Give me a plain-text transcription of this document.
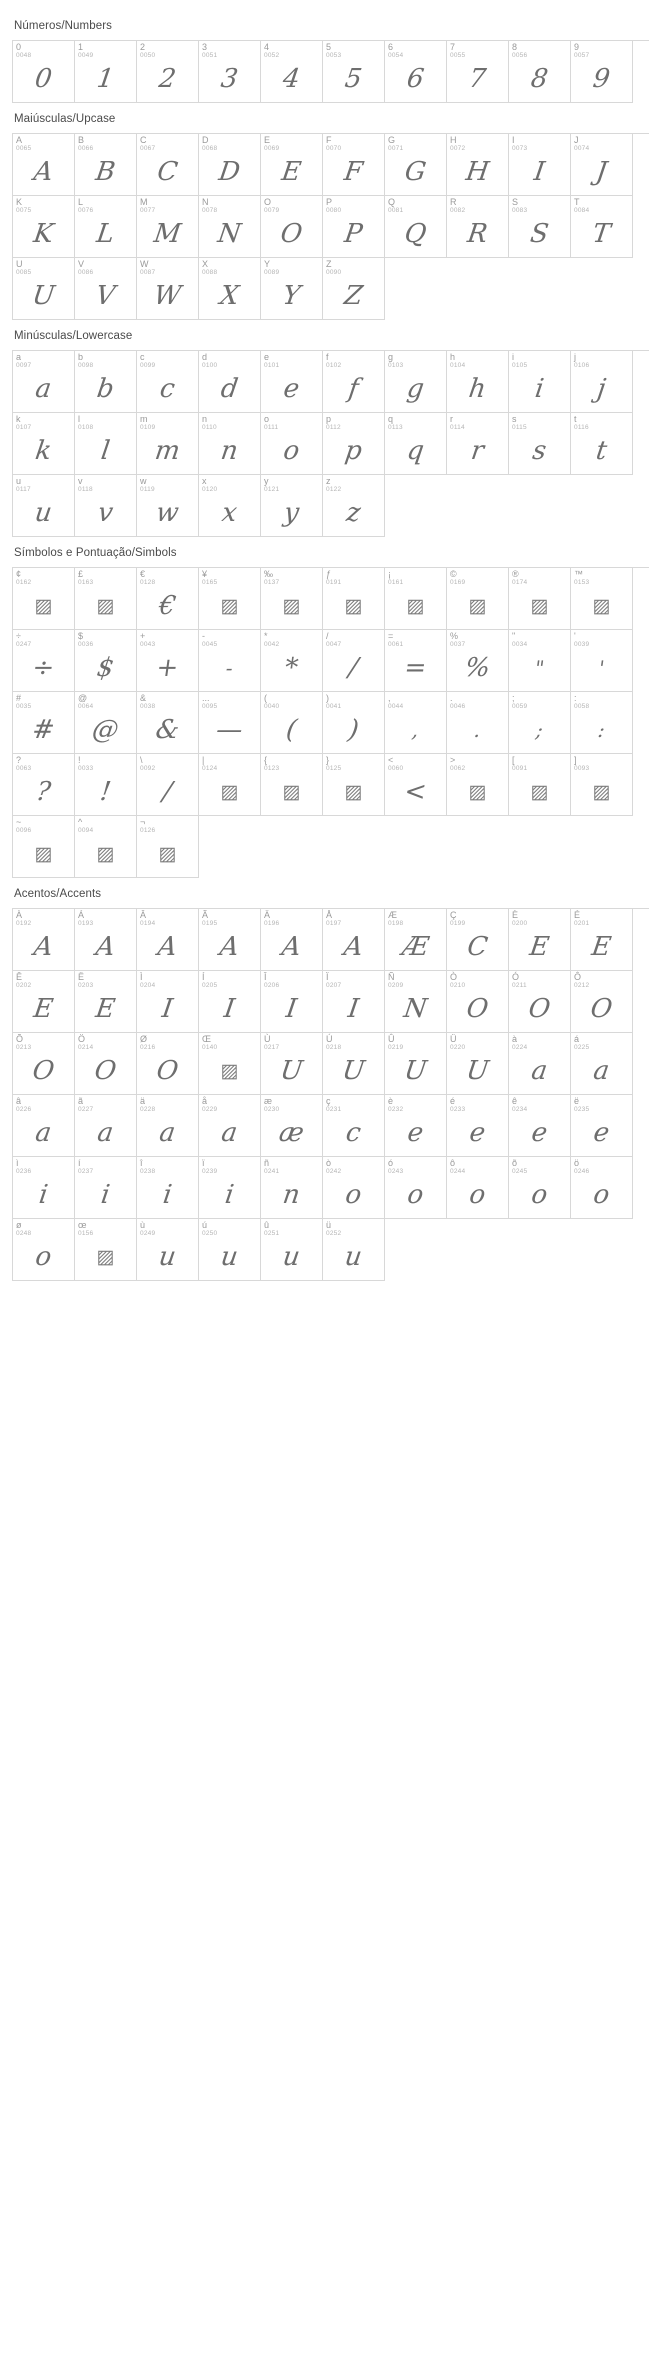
Números/Numbers
0
0048
0
1
0049
1
2
0050
2
3
0051
3
4
0052
4
5
0053
5
6
0054
6
7
0055
7
8
0056
8
9
0057
9
Maiúsculas/Upcase
A
0065
A
B
0066
B
C
0067
C
D
0068
D
E
0069
E
F
0070
F
G
0071
G
H
0072
H
I
0073
I
J
0074
J
K
0075
K
L
0076
L
M
0077
M
N
0078
N
O
0079
O
P
0080
P
Q
0081
Q
R
0082
R
S
0083
S
T
0084
T
U
0085
U
V
0086
V
W
0087
W
X
0088
X
Y
0089
Y
Z
0090
Z
Minúsculas/Lowercase
a
0097
a
b
0098
b
c
0099
c
d
0100
d
e
0101
e
f
0102
f
g
0103
g
h
0104
h
i
0105
i
j
0106
j
k
0107
k
l
0108
l
m
0109
m
n
0110
n
o
0111
o
p
0112
p
q
0113
q
r
0114
r
s
0115
s
t
0116
t
u
0117
u
v
0118
v
w
0119
w
x
0120
x
y
0121
y
z
0122
z
Símbolos e Pontuação/Simbols
¢
0162
▨
£
0163
▨
€
0128
€
¥
0165
▨
‰
0137
▨
ƒ
0191
▨
¡
0161
▨
©
0169
▨
®
0174
▨
™
0153
▨
÷
0247
÷
$
0036
$
+
0043
+
-
0045
-
*
0042
*
/
0047
/
=
0061
=
%
0037
%
"
0034
"
'
0039
'
#
0035
#
@
0064
@
&
0038
&
...
0095
—
(
0040
(
)
0041
)
,
0044
,
.
0046
.
;
0059
;
:
0058
:
?
0063
?
!
0033
!
\
0092
/
|
0124
▨
{
0123
▨
}
0125
▨
<
0060
<
>
0062
▨
[
0091
▨
]
0093
▨
~
0096
▨
^
0094
▨
¬
0126
▨
Acentos/Accents
À
0192
A
Á
0193
A
Â
0194
A
Ã
0195
A
Ä
0196
A
Å
0197
A
Æ
0198
Æ
Ç
0199
C
È
0200
E
É
0201
E
Ê
0202
E
Ë
0203
E
Ì
0204
I
Í
0205
I
Î
0206
I
Ï
0207
I
Ñ
0209
N
Ò
0210
O
Ó
0211
O
Ô
0212
O
Õ
0213
O
Ö
0214
O
Ø
0216
O
Œ
0140
▨
Ù
0217
U
Ú
0218
U
Û
0219
U
Ü
0220
U
à
0224
a
á
0225
a
â
0226
a
ã
0227
a
ä
0228
a
å
0229
a
æ
0230
æ
ç
0231
c
è
0232
e
é
0233
e
ê
0234
e
ë
0235
e
ì
0236
i
í
0237
i
î
0238
i
ï
0239
i
ñ
0241
n
ò
0242
o
ó
0243
o
ô
0244
o
õ
0245
o
ö
0246
o
ø
0248
o
œ
0156
▨
ù
0249
u
ú
0250
u
û
0251
u
ü
0252
u
